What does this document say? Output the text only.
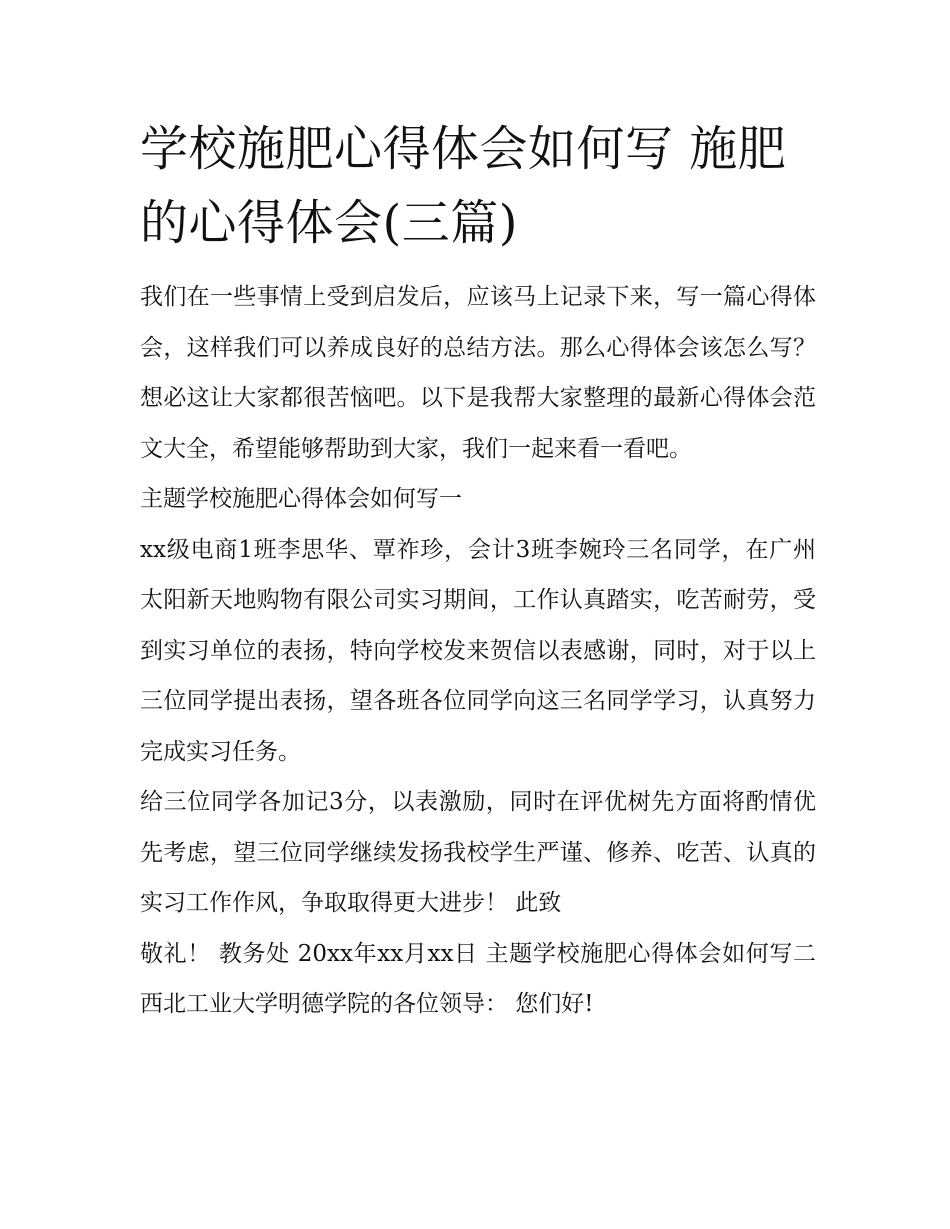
学校施肥心得体会如何写 施肥的心得体会(三篇)

我们在一些事情上受到启发后，应该马上记录下来，写一篇心得体会，这样我们可以养成良好的总结方法。那么心得体会该怎么写？想必这让大家都很苦恼吧。以下是我帮大家整理的最新心得体会范文大全，希望能够帮助到大家，我们一起来看一看吧。

主题学校施肥心得体会如何写一

xx级电商1班李思华、覃祚珍，会计3班李婉玲三名同学，在广州太阳新天地购物有限公司实习期间，工作认真踏实，吃苦耐劳，受到实习单位的表扬，特向学校发来贺信以表感谢，同时，对于以上三位同学提出表扬，望各班各位同学向这三名同学学习，认真努力完成实习任务。

给三位同学各加记3分，以表激励，同时在评优树先方面将酌情优先考虑，望三位同学继续发扬我校学生严谨、修养、吃苦、认真的实习工作作风，争取取得更大进步！ 此致

敬礼！ 教务处 20xx年xx月xx日 主题学校施肥心得体会如何写二 西北工业大学明德学院的各位领导： 您们好!
